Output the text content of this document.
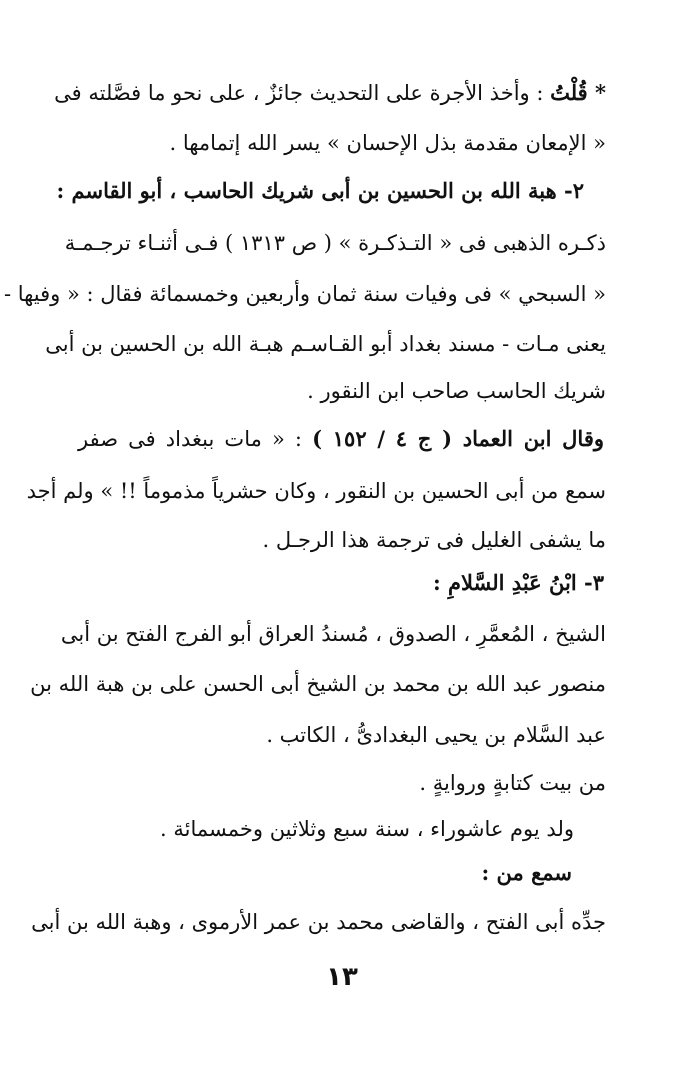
* قُلْتُ : وأخذ الأجرة على التحديث جائزٌ ، على نحو ما فصَّلته فى
« الإمعان مقدمة بذل الإحسان » يسر الله إتمامها .
٢- هبة الله بن الحسين بن أبى شريك الحاسب ، أبو القاسم :
ذكـره الذهبى فى « التـذكـرة » ( ص ١٣١٣ ) فـى أثنـاء ترجـمـة
« السبحي » فى وفيات سنة ثمان وأربعين وخمسمائة فقال : « وفيها -
يعنى مـات - مسند بغداد أبو القـاسـم هبـة الله بن الحسين بن أبى
شريك الحاسب صاحب ابن النقور .
وقال ابن العماد ( ج ٤ / ١٥٢ ) : « مات ببغداد فى صفر
سمع من أبى الحسين بن النقور ، وكان حشرياً مذموماً !! » ولم أجد
ما يشفى الغليل فى ترجمة هذا الرجـل .
٣- ابْنُ عَبْدِ السَّلامِ :
الشيخ ، المُعمَّرِ ، الصدوق ، مُسندُ العراق أبو الفرج الفتح بن أبى
منصور عبد الله بن محمد بن الشيخ أبى الحسن على بن هبة الله بن
عبد السَّلام بن يحيى البغدادىُّ ، الكاتب .
من بيت كتابةٍ وروايةٍ .
ولد يوم عاشوراء ، سنة سبع وثلاثين وخمسمائة .
سمع من :
جدِّه أبى الفتح ، والقاضى محمد بن عمر الأرموى ، وهبة الله بن أبى
١٣
